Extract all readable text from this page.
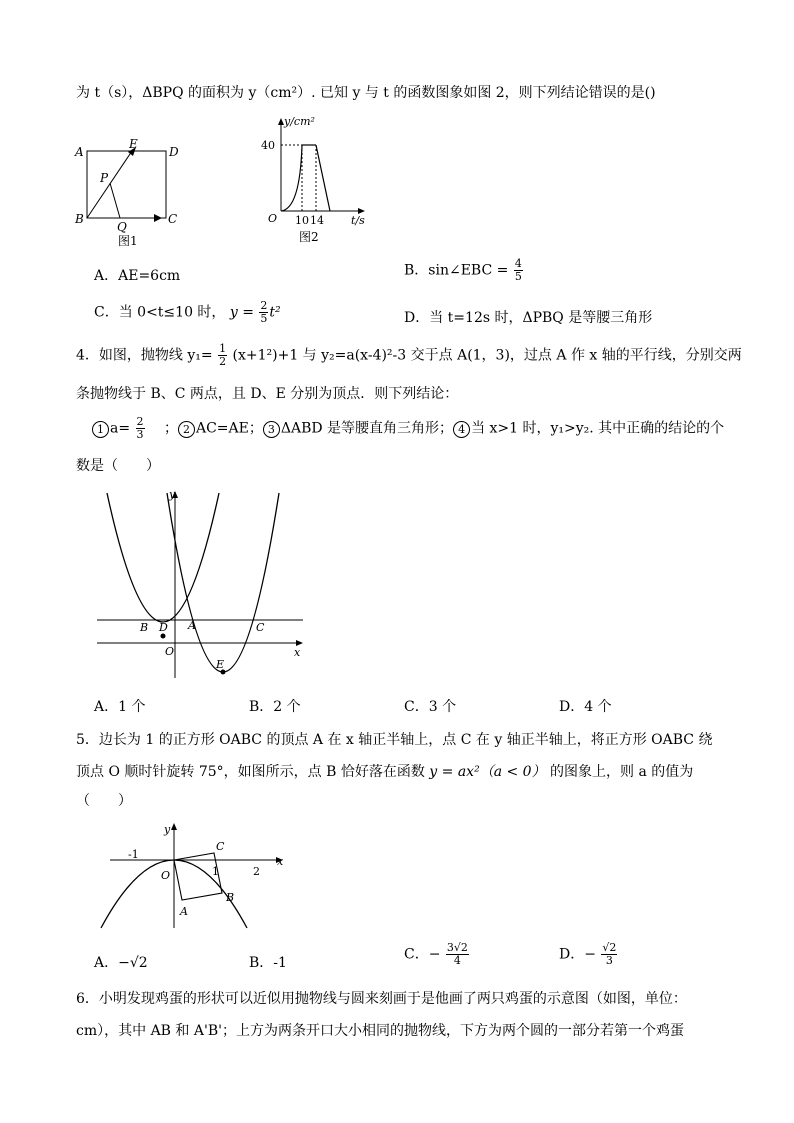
为 t（s），ΔBPQ 的面积为 y（cm²）. 已知 y 与 t 的函数图象如图 2，则下列结论错误的是()
A
E
D
P
B
Q
C
图1
y/cm²
40
O 10 14 t/s
图2
A．AE=6cm	B．sin∠EBC = $\frac{4}{5}$
C．当 0<t≤10 时， $y = \frac{2}{5} t^2$	D．当 t=12s 时，ΔPBQ 是等腰三角形
4．如图，抛物线 $y_1= \frac{1}{2} (x+1^2)+1$ 与 y₂=a(x-4)²-3 交于点 A(1，3)，过点 A 作 x 轴的平行线，分别交两
条抛物线于 B、C 两点，且 D、E 分别为顶点．则下列结论：
1 $a= \frac{2}{3}$ 　； 2 AC=AE； 3 ΔABD 是等腰直角三角形； 4 当 x>1 时，y₁>y₂. 其中正确的结论的个
数是（　　）
y
x
B D A	C
O
E
A．1 个	B．2 个	C．3 个	D．4 个
5．边长为 1 的正方形 OABC 的顶点 A 在 x 轴正半轴上，点 C 在 y 轴正半轴上，将正方形 OABC 绕
顶点 O 顺时针旋转 75°，如图所示，点 B 恰好落在函数 y = ax²（a < 0） 的图象上，则 a 的值为
（　　）
y
x
-1
1	2
O
C
B
A
A．−√2	B．-1
C．− $\frac{3√2}{4}$	D．− $\frac{√2}{3}$
6．小明发现鸡蛋的形状可以近似用抛物线与圆来刻画于是他画了两只鸡蛋的示意图（如图，单位：
cm），其中 AB 和 A'B'；上方为两条开口大小相同的抛物线，下方为两个圆的一部分若第一个鸡蛋
